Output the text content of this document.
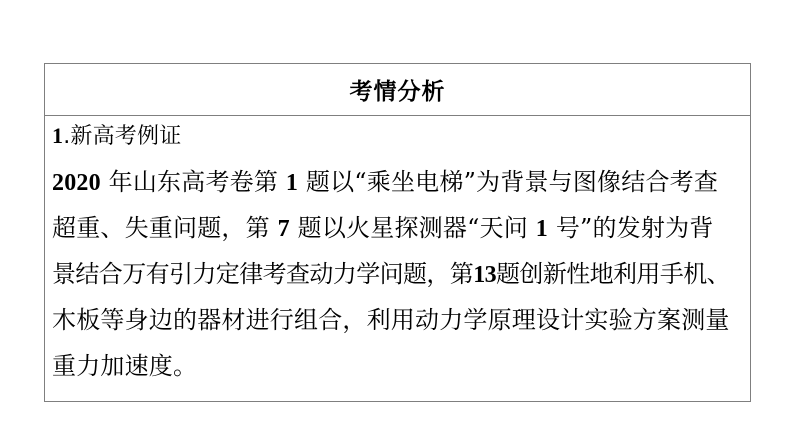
考情分析
1.新高考例证
2020 年山东高考卷第 1 题以“乘坐电梯”为背景与图像结合考查
超重、失重问题，第 7 题以火星探测器“天问 1 号”的发射为背
景结合万有引力定律考查动力学问题，第13题创新性地利用手机、
木板等身边的器材进行组合，利用动力学原理设计实验方案测量
重力加速度。
